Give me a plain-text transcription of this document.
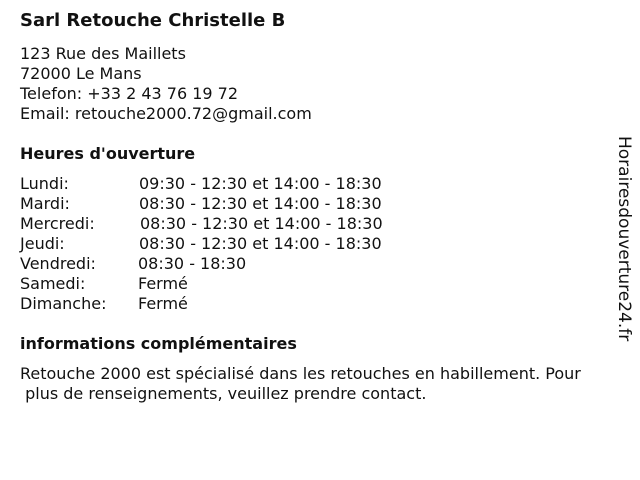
Sarl Retouche Christelle B
123 Rue des Maillets
72000 Le Mans
Telefon: +33 2 43 76 19 72
Email: retouche2000.72@gmail.com
Heures d'ouverture
Lundi:	09:30 - 12:30 et 14:00 - 18:30
Mardi:	08:30 - 12:30 et 14:00 - 18:30
Mercredi:	08:30 - 12:30 et 14:00 - 18:30
Jeudi:	08:30 - 12:30 et 14:00 - 18:30
Vendredi:	08:30 - 18:30
Samedi:	Fermé
Dimanche: Fermé
informations complémentaires
Retouche 2000 est spécialisé dans les retouches en habillement. Pour
plus de renseignements, veuillez prendre contact.
Horairesdouverture24.fr
